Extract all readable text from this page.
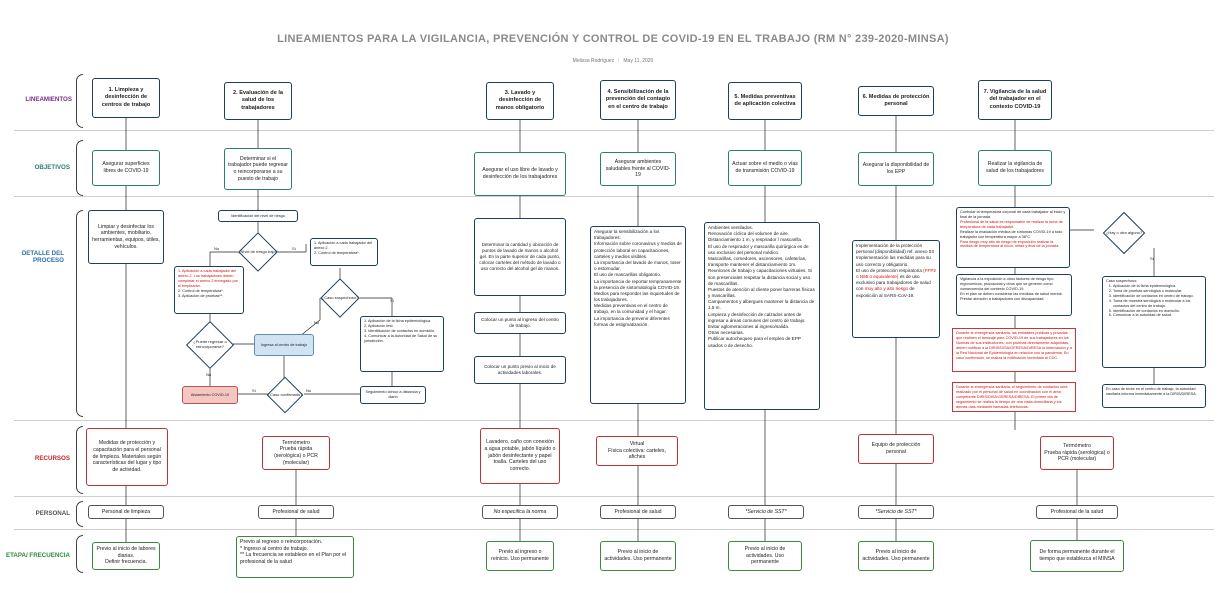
LINEAMIENTOS PARA LA VIGILANCIA, PREVENCIÓN Y CONTROL DE COVID-19 EN EL TRABAJO (RM N° 239-2020-MINSA)
Melissa Rodríguez | May 11, 2020
LINEAMIENTOS
OBJETIVOS
DETALLE DEL PROCESO
RECURSOS
PERSONAL
ETAPA/ FRECUENCIA
1. Limpieza y desinfección de centros de trabajo
2. Evaluación de la salud de los trabajadores
3. Lavado y desinfección de manos obligatorio
4. Sensibilización de la prevención del contagio en el centro de trabajo
5. Medidas preventivas de aplicación colectiva
6. Medidas de protección personal
7. Vigilancia de la salud del trabajador en el contexto COVID-19
Asegurar superficies libres de COVID-19
Determinar si el trabajador puede regresar o reincorporarse a su puesto de trabajo
Asegurar el uso libre de lavado y desinfección de los trabajadores
Asegurar ambientes saludables frente al COVID-19
Actuar sobre el medio o vías de transmisión COVID-19
Asegurar la disponibilidad de los EPP
Realizar la vigilancia de salud de los trabajadores
Limpiar y desinfectar los ambientes, mobiliario, herramientas, equipos, útiles, vehículos.
Identificación del nivel de riesgo
¿Nivel de riesgo bajo?
No	Sí
1. Aplicación a cada trabajador del anexo 2. Los trabajadores deben completar el anexo 2 entregado por el empleador.
2. Control de temperatura*.
3. Aplicación de pruebas**.
1. Aplicación a cada trabajador del anexo 2.
2. Control de temperatura*.
¿Caso sospechoso?
Sí
No	1. Aplicación de la ficha epidemiológica.
2. Aplicación test.
3. Identificación de contactos en domicilio.
4. Comunicar a la Autoridad de Salud de su jurisdicción.
¿Puede regresar o reincorporarse?	Ingresa al centro de trabajo
No
Aislamiento COVID-19	¿Caso confirmado?
Sí	No	Seguimiento clínico a distancia y diario
Determinar la cantidad y ubicación de puntos de lavado de manos o alcohol gel. En la parte superior de cada punto, colocar carteles del método de lavado o uso correcto del alcohol gel de manos.
Colocar un punto al ingreso del centro de trabajo.
Colocar un punto previo al inicio de actividades laborales.
Asegurar la sensibilización a los trabajadores:
Información sobre coronavirus y medios de protección laboral en capacitaciones, carteles y medios visibles.
La importancia del lavado de manos, toser o estornudar.
El uso de mascarillas obligatorio.
La importancia de reportar tempranamente la presencia de sintomatología COVID-19.
Medios para responder las inquietudes de los trabajadores.
Medidas preventivas en el centro de trabajo, en la comunidad y el hogar.
La importancia de prevenir diferentes formas de estigmatización.
Ambientes ventilados.
Renovación cíclica del volumen de aire.
Distanciamiento 1 m. y respirador / mascarilla.
El uso de respirador y mascarilla quirúrgica es de uso exclusivo del personal médico.
Mascarillas, comedores, ascensores, cafeterías, transporte mantener el distanciamiento 1m.
Reuniones de trabajo y capacitaciones virtuales. Si son presenciales respetar la distancia social y uso de mascarillas.
Puestos de atención al cliente poner barreras físicas y mascarillas.
Campamentos y albergues mantener la distancia de 1.5 m.
Limpieza y desinfección de calzados antes de ingresar a áreas comunes del centro de trabajo.
Evitar aglomeraciones al ingreso/salida.
Otras necesarias.
Publicar autochequeo para el empleo de EPP usados o de desecho.
Implementación de la protección personal (disponibilidad) ref. anexo 03 Implementación las medidas para su uso correcto y obligatorio.
El uso de protección respiratoria (FFP2 o N95 o equivalente) es de uso exclusivo para trabajadores de salud con muy alto y alto riesgo de exposición al SARS-CoV-19.
Controlar la temperatura corporal de cada trabajador al inicio y final de la jornada.
Profesional de la salud es responsable de realizar la toma de temperatura de cada trabajador.
Realizar la evaluación médica de síntomas COVID-19 a todo trabajador con temperatura mayor a 38°C.
Para riesgo muy alto de riesgo de exposición realizar la medida de temperatura al inicio, mitad y final de la jornada.
¿Hay o otra alguno?
Sí
Vigilancia a la exposición a otros factores de riesgo tipo ergonómicos, psicosocial y otros que se generen como consecuencia del contexto COVID-19.
En el plan se deben considerar las medidas de salud mental.
Prestar atención a trabajadores con discapacidad.
Durante la emergencia sanitaria, las entidades públicas y privadas que realicen el tamizaje para COVID-19 de sus trabajadores en los Normas de sus instituciones, con pruebas directamente adquiridas, deben notificar a la DIRIS/DISA/GERESA/DIRESA la información y a la Red Nacional de Epidemiología en relación con la pandemia. En caso confirmado, se realiza la notificación inmediata al CDC.
Durante la emergencia sanitaria, el seguimiento de contactos será realizado por el personal de salud en coordinación con el área competente DIRIS/DISA/GERESA/DIRESA. El primer día de seguimiento se realiza la tiempo de una visita domiciliaria y los demás días mediante llamadas telefónicas.
Caso sospechoso:
1. Aplicación de la ficha epidemiológica.
2. Toma de pruebas serológica o molecular.
3. Identificación de contactos en centro de trabajo.
4. Toma de muestra serológica o molecular a los contactos del centro de trabajo.
5. Identificación de contactos en domicilio.
6. Comunicar a la autoridad de salud.
En caso de brote en el centro de trabajo, la autoridad sanitaria informa inmediatamente a la DIRIS/DIRESA.
Medidas de protección y capacitación para el personal de limpieza. Materiales según características del lugar y tipo de actividad.
Termómetro
Prueba rápida (serológica) o PCR (molecular)
Lavadero, caño con conexión a agua potable, jabón líquido o jabón desinfectante y papel toalla. Carteles del uso correcto.
Virtual
Física colectiva: carteles, afiches
Equipo de protección personal
Termómetro
Prueba rápida (serológica) o PCR (molecular)
Personal de limpieza	Profesional de salud	No especifica la norma	Profesional de salud	*Servicio de SST*	*Servicio de SST*	Profesional de la salud
Previo al inicio de labores diarias.
Definir frecuencia.
Previo al regreso o reincorporación.
* Ingreso al centro de trabajo.
** La frecuencia se establece en el Plan por el profesional de la salud
Previo al ingreso o reinicio. Uso permanente
Previo al inicio de actividades. Uso permanente
Previo al inicio de actividades. Uso permanente
Previo al inicio de actividades. Uso permanente
De forma permanente durante el tiempo que establezca el MINSA
